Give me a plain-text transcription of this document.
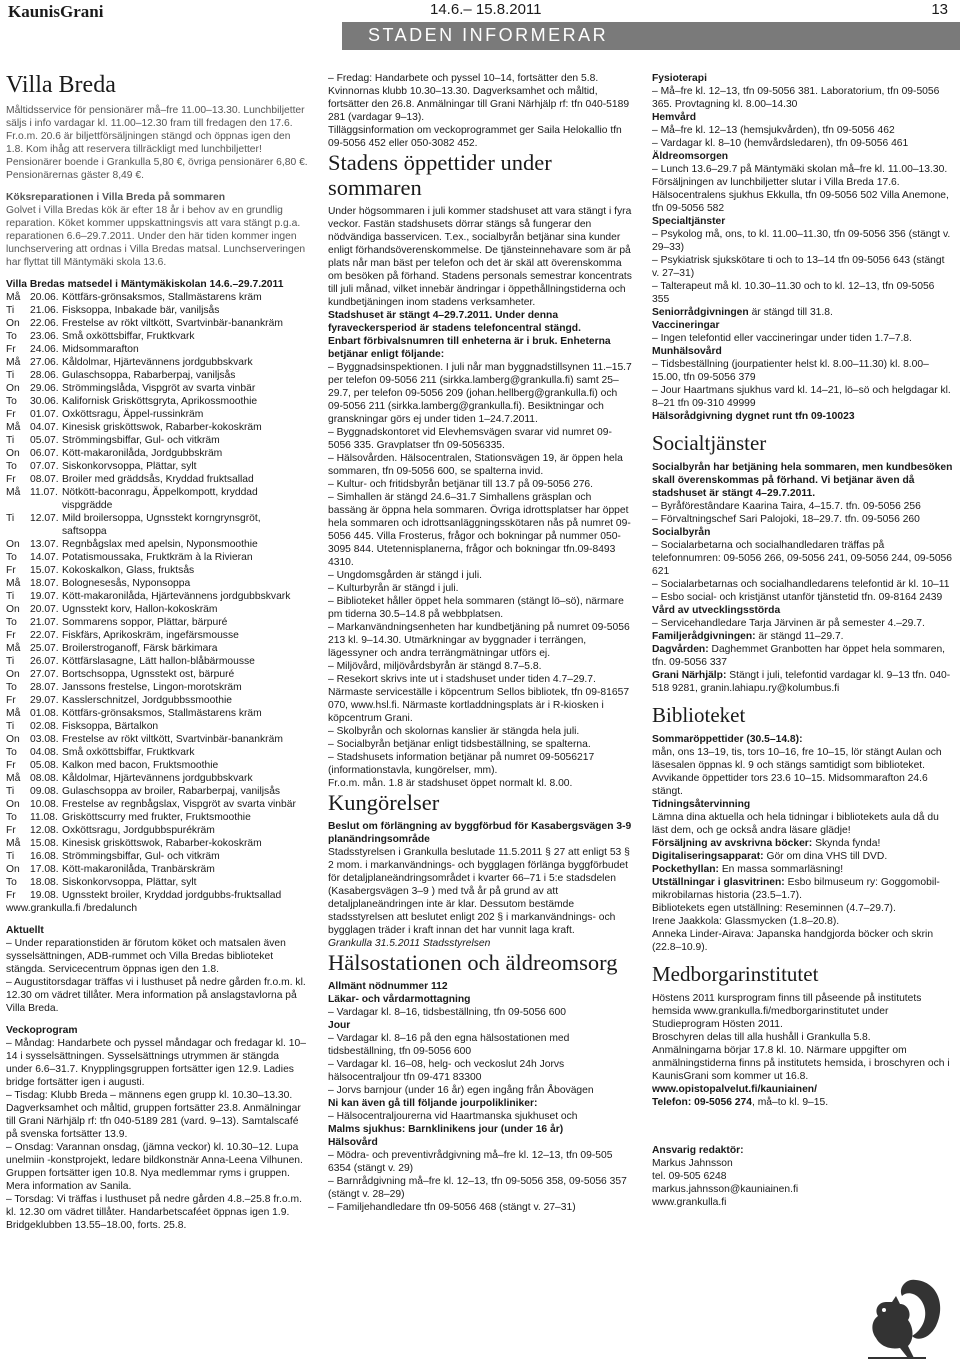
KaunisGrani	14.6.– 15.8.2011	13
STADEN INFORMERAR
Villa Breda

Måltidsservice för pensionärer må–fre 11.00–13.30. Lunchbiljetter säljs i info vardagar kl. 11.00–12.30 fram till fredagen den 17.6. Fr.o.m. 20.6 är biljettförsäljningen stängd och öppnas igen den 1.8. Kom ihåg att reservera tillräckligt med lunchbiljetter! Pensionärer boende i Grankulla 5,80 €, övriga pensionärer 6,80 €. Pensionärernas gäster 8,49 €.

Köksreparationen i Villa Breda på sommaren

Golvet i Villa Bredas kök är efter 18 år i behov av en grundlig reparation. Köket kommer uppskattningsvis att vara stängt p.g.a. reparationen 6.6–29.7.2011. Under den här tiden kommer ingen lunchservering att ordnas i Villa Bredas matsal. Lunchserveringen har flyttat till Mäntymäki skola 13.6.

Villa Bredas matsedel i Mäntymäkiskolan 14.6.–29.7.2011

Må 20.06. Köttfärs-grönsaksmos, Stallmästarens kräm
Ti	21.06. Fisksoppa, Inbakade bär, vaniljsås
On 22.06. Frestelse av rökt viltkött, Svartvinbär-banankräm
To	23.06. Små oxköttsbiffar, Fruktkvark
Fr	24.06. Midsommarafton
Må 27.06. Kåldolmar, Hjärtevännens jordgubbskvark
Ti	28.06. Gulaschsoppa, Rabarberpaj, vaniljsås
On 29.06. Strömmingslåda, Vispgröt av svarta vinbär
To	30.06. Kalifornisk Grisköttsgryta, Aprikossmoothie
Fr	01.07. Oxköttsragu, Äppel-russinkräm
Må 04.07. Kinesisk grisköttswok, Rabarber-kokoskräm
Ti	05.07. Strömmingsbiffar, Gul- och vitkräm
On 06.07. Kött-makaronilåda, Jordgubbskräm
To	07.07. Siskonkorvsoppa, Plättar, sylt
Fr	08.07. Broiler med gräddsås, Kryddad fruktsallad
Må 11.07. Nötkött-baconragu, Äppelkompott, kryddad vispgrädde
Ti	12.07. Mild broilersoppa, Ugnsstekt korngrynsgröt, saftsoppa
On 13.07. Regnbågslax med apelsin, Nyponsmoothie
To	14.07. Potatismoussaka, Fruktkräm à la Rivieran
Fr	15.07. Kokoskalkon, Glass, fruktsås
Må 18.07. Bolognesesås, Nyponsoppa
Ti	19.07. Kött-makaronilåda, Hjärtevännens jordgubbskvark
On 20.07. Ugnsstekt korv, Hallon-kokoskräm
To	21.07. Sommarens soppor, Plättar, bärpuré
Fr	22.07. Fiskfärs, Aprikoskräm, ingefärsmousse
Må 25.07. Broilerstroganoff, Färsk bärkimara
Ti	26.07. Köttfärslasagne, Lätt hallon-blåbärmousse
On 27.07. Bortschsoppa, Ugnsstekt ost, bärpuré
To	28.07. Janssons frestelse, Lingon-morotskräm
Fr	29.07. Kasslerschnitzel, Jordgubbssmoothie
Må 01.08. Köttfärs-grönsaksmos, Stallmästarens kräm
Ti	02.08. Fisksoppa, Bärtalkon
On 03.08. Frestelse av rökt viltkött, Svartvinbär-banankräm
To	04.08. Små oxköttsbiffar, Fruktkvark
Fr	05.08. Kalkon med bacon, Fruktsmoothie
Må 08.08. Kåldolmar, Hjärtevännens jordgubbskvark
Ti	09.08. Gulaschsoppa av broiler, Rabarberpaj, vaniljsås
On 10.08. Frestelse av regnbågslax, Vispgröt av svarta vinbär
To	11.08. Grisköttscurry med frukter, Fruktsmoothie
Fr	12.08. Oxköttsragu, Jordgubbspurékräm
Må 15.08. Kinesisk grisköttswok, Rabarber-kokoskräm
Ti	16.08. Strömmingsbiffar, Gul- och vitkräm
On 17.08. Kött-makaronilåda, Tranbärskräm
To	18.08. Siskonkorvsoppa, Plättar, sylt
Fr	19.08. Ugnsstekt broiler, Kryddad jordgubbs-fruktsallad

www.grankulla.fi /bredalunch

Aktuellt

– Under reparationstiden är förutom köket och matsalen även sysselsättningen, ADB-rummet och Villa Bredas biblioteket stängda. Servicecentrum öppnas igen den 1.8.

– Augustitorsdagar träffas vi i lusthuset på nedre gården fr.o.m. kl. 12.30 om vädret tillåter. Mera information på anslagstavlorna på Villa Breda.

Veckoprogram

– Måndag: Handarbete och pyssel måndagar och fredagar kl. 10–14 i sysselsättningen. Sysselsättnings utrymmen är stängda under 6.6–31.7. Knypplingsgruppen fortsätter igen 12.9. Ladies bridge fortsätter igen i augusti.

– Tisdag: Klubb Breda – männens egen grupp kl. 10.30–13.30. Dagverksamhet och måltid, gruppen fortsätter 23.8. Anmälningar till Grani Närhjälp rf: tfn 040-5189 281 (vard. 9–13). Samtalscafé på svenska fortsätter 13.9.

– Onsdag: Varannan onsdag, (jämna veckor) kl. 10.30–12. Lupa unelmiin -konstprojekt, ledare bildkonstnär Anna-Leena Vilhunen. Gruppen fortsätter igen 10.8. Nya medlemmar ryms i gruppen. Mera information av Sanila.

– Torsdag: Vi träffas i lusthuset på nedre gården 4.8.–25.8 fr.o.m. kl. 12.30 om vädret tillåter. Handarbetscaféet öppnas igen 1.9. Bridgeklubben 13.55–18.00, forts. 25.8.

– Fredag: Handarbete och pyssel 10–14, fortsätter den 5.8. Kvinnornas klubb 10.30–13.30. Dagverksamhet och måltid, fortsätter den 26.8. Anmälningar till Grani Närhjälp rf: tfn 040-5189 281 (vardagar 9–13).

Tilläggsinformation om veckoprogrammet ger Saila Helokallio tfn 09-5056 452 eller 050-3082 452.

Stadens öppettider under sommaren

Under högsommaren i juli kommer stadshuset att vara stängt i fyra veckor. Fastän stadshusets dörrar stängs så fungerar den nödvändiga basservicen. T.ex., socialbyrån betjänar sina kunder enligt förhandsöverenskommelse. De tjänsteinnehavare som är på plats når man bäst per telefon och det är skäl att överenskomma om besöken på förhand. Stadens personals semestrar koncentrats till juli månad, vilket innebär ändringar i öppethållningstiderna och kundbetjäningen inom stadens verksamheter.

Stadshuset är stängt 4–29.7.2011. Under denna fyraveckersperiod är stadens telefoncentral stängd.

Enbart förbivalsnumren till enheterna är i bruk. Enheterna betjänar enligt följande:

– Byggnadsinspektionen. I juli når man byggnadstillsynen 11.–15.7 per telefon 09-5056 211 (sirkka.lamberg@grankulla.fi) samt 25–29.7, per telefon 09-5056 209 (johan.hellberg@grankulla.fi) och 09-5056 211 (sirkka.lamberg@grankulla.fi). Besiktningar och granskningar görs ej under tiden 1–24.7.2011.

– Byggnadskontoret vid Elevhemsvägen svarar vid numret 09-5056 335. Gravplatser tfn 09-5056335.

– Hälsovården. Hälsocentralen, Stationsvägen 19, är öppen hela sommaren, tfn 09-5056 600, se spalterna invid.

– Kultur- och fritidsbyrån betjänar till 13.7 på 09-5056 276.

– Simhallen är stängd 24.6–31.7 Simhallens gräsplan och bassäng är öppna hela sommaren. Övriga idrottsplatser har öppet hela sommaren och idrottsanläggningsskötaren nås på numret 09-5056 445. Villa Frosterus, frågor och bokningar på nummer 050-3095 844. Utetennisplanerna, frågor och bokningar tfn.09-8493 4310.

– Ungdomsgården är stängd i juli.

– Kulturbyrån är stängd i juli.

– Biblioteket håller öppet hela sommaren (stängt lö–sö), närmare pm tiderna 30.5–14.8 på webbplatsen.

– Markanvändningsenheten har kundbetjäning på numret 09-5056 213 kl. 9–14.30. Utmärkningar av byggnader i terrängen, lägessyner och andra terrängmätningar utförs ej.

– Miljövård, miljövårdsbyrån är stängd 8.7–5.8.

– Resekort skrivs inte ut i stadshuset under tiden 4.7–29.7. Närmaste serviceställe i köpcentrum Sellos bibliotek, tfn 09-81657 070, www.hsl.fi. Närmaste kortladdningsplats är i R-kiosken i köpcentrum Grani.

– Skolbyrån och skolornas kanslier är stängda hela juli.

– Socialbyrån betjänar enligt tidsbeställning, se spalterna.

– Stadshusets information betjänar på numret 09-5056217 (informationstavla, kungörelser, mm).

Fr.o.m. mån. 1.8 är stadshuset öppet normalt kl. 8.00.

Kungörelser

Beslut om förlängning av byggförbud för Kasabergsvägen 3-9 planändringsområde

Stadsstyrelsen i Grankulla beslutade 11.5.2011 § 27 att enligt 53 § 2 mom. i markanvändnings- och bygglagen förlänga byggförbudet för detaljplaneändringsområdet i kvarter 66–71 i 5:e stadsdelen (Kasabergsvägen 3–9 ) med två år på grund av att detaljplaneändringen inte är klar. Dessutom bestämde stadsstyrelsen att beslutet enligt 202 § i markanvändnings- och bygglagen träder i kraft innan det har vunnit laga kraft.

Grankulla 31.5.2011 Stadsstyrelsen

Hälsostationen och äldreomsorg

Allmänt nödnummer 112

Läkar- och vårdarmottagning

– Vardagar kl. 8–16, tidsbeställning, tfn 09-5056 600

Jour

– Vardagar kl. 8–16 på den egna hälsostationen med tidsbeställning, tfn 09-5056 600

– Vardagar kl. 16–08, helg- och veckoslut 24h Jorvs hälsocentraljour tfn 09-471 83300

– Jorvs barnjour (under 16 år) egen ingång från Åbovägen

Ni kan även gå till följande jourpolikliniker:

– Hälsocentraljourerna vid Haartmanska sjukhuset och

Malms sjukhus: Barnklinikens jour (under 16 år)

Hälsovård

– Mödra- och preventivrådgivning må–fre kl. 12–13, tfn 09-505 6354 (stängt v. 29)

– Barnrådgivning må–fre kl. 12–13, tfn 09-5056 358, 09-5056 357 (stängt v. 28–29)

– Familjehandledare tfn 09-5056 468 (stängt v. 27–31)

Fysioterapi

– Må–fre kl. 12–13, tfn 09-5056 381. Laboratorium, tfn 09-5056 365. Provtagning kl. 8.00–14.30

Hemvård

– Må–fre kl. 12–13 (hemsjukvården), tfn 09-5056 462

– Vardagar kl. 8–10 (hemvårdsledaren), tfn 09-5056 461

Äldreomsorgen

– Lunch 13.6–29.7 på Mäntymäki skolan må–fre kl. 11.00–13.30. Försäljningen av lunchbiljetter slutar i Villa Breda 17.6.

Hälsocentralens sjukhus Ekkulla, tfn 09-5056 502 Villa Anemone, tfn 09-5056 582

Specialtjänster

– Psykolog må, ons, to kl. 11.00–11.30, tfn 09-5056 356 (stängt v. 29–33)

– Psykiatrisk sjukskötare ti och to 13–14 tfn 09-5056 643 (stängt v. 27–31)

– Talterapeut må kl. 10.30–11.30 och to kl. 12–13, tfn 09-5056 355

Seniorrådgivningen är stängd till 31.8.

Vaccineringar

– Ingen telefontid eller vaccineringar under tiden 1.7–7.8.

Munhälsovård

– Tidsbeställning (jourpatienter helst kl. 8.00–11.30) kl. 8.00–15.00, tfn 09-5056 379

– Jour Haartmans sjukhus vard kl. 14–21, lö–sö och helgdagar kl. 8–21 tfn 09-310 49999

Hälsorådgivning dygnet runt tfn 09-10023

Socialtjänster

Socialbyrån har betjäning hela sommaren, men kundbesöken skall överenskommas på förhand. Vi betjänar även då stadshuset är stängt 4–29.7.2011.

– Byråförestândare Kaarina Taira, 4–15.7. tfn. 09-5056 256

– Förvaltningschef Sari Palojoki, 18–29.7. tfn. 09-5056 260

Socialbyrån

– Socialarbetarna och socialhandledaren träffas på telefonnumren: 09-5056 266, 09-5056 241, 09-5056 244, 09-5056 621

– Socialarbetarnas och socialhandledarens telefontid är kl. 10–11

– Esbo social- och kristjänst utanför tjänstetid tfn. 09-8164 2439

Vård av utvecklingsstörda

– Servicehandledare Tarja Järvinen är på semester 4.–29.7.

Familjerådgivningen: är stängd 11–29.7.

Dagvården: Daghemmet Granbotten har öppet hela sommaren, tfn. 09-5056 337

Grani Närhjälp: Stängt i juli, telefontid vardagar kl. 9–13 tfn. 040-518 9281, granin.lahiapu.ry@kolumbus.fi

Biblioteket

Sommaröppettider (30.5–14.8):

mån, ons 13–19, tis, tors 10–16, fre 10–15, lör stängt Aulan och läsesalen öppnas kl. 9 och stängs samtidigt som biblioteket. Avvikande öppettider tors 23.6 10–15. Midsommarafton 24.6 stängt.

Tidningsåtervinning

Lämna dina aktuella och hela tidningar i bibliotekets aula då du läst dem, och ge också andra läsare glädje!

Försäljning av avskrivna böcker: Skynda fynda!

Digitaliseringsapparat: Gör om dina VHS till DVD.

Pockethyllan: En massa sommarläsning!

Utställningar i glasvitrinen: Esbo bilmuseum ry: Goggomobil-mikrobilarnas historia (23.5–1.7).

Bibliotekets egen utställning: Reseminnen (4.7–29.7).

Irene Jaakkola: Glassmycken (1.8–20.8).

Anneka Linder-Airava: Japanska handgjorda böcker och skrin (22.8–10.9).

Medborgarinstitutet

Höstens 2011 kursprogram finns till påseende på institutets hemsida www.grankulla.fi/medborgarinstitutet under Studieprogram Hösten 2011.

Broschyren delas till alla hushåll i Grankulla 5.8.

Anmälningarna börjar 17.8 kl. 10. Närmare uppgifter om anmälningstiderna finns på institutets hemsida, i broschyren och i KaunisGrani som kommer ut 16.8.

www.opistopalvelut.fi/kauniainen/

Telefon: 09-5056 274, må–to kl. 9–15.

Ansvarig redaktör:

Markus Jahnsson

tel. 09-505 6248

markus.jahnsson@kauniainen.fi

www.grankulla.fi
